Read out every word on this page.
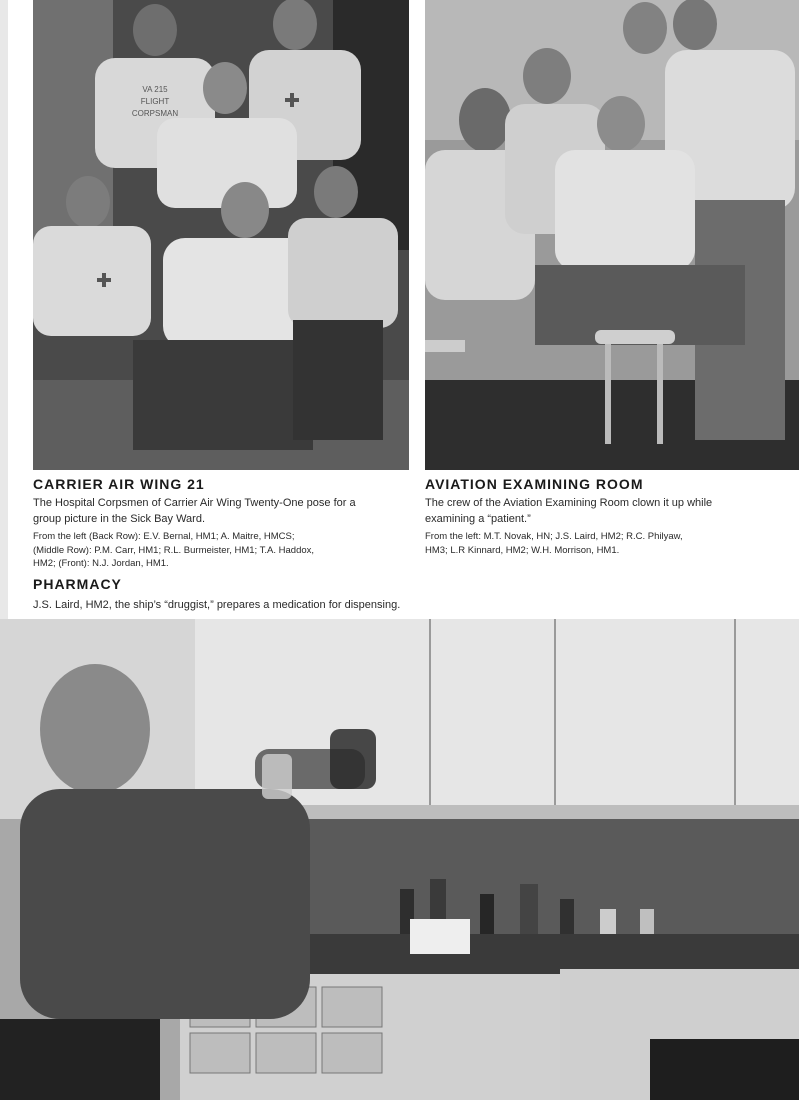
VA 215
FLIGHT
CORPSMAN
CARRIER AIR WING 21

The Hospital Corpsmen of Carrier Air Wing Twenty-One pose for a group picture in the Sick Bay Ward.

From the left (Back Row): E.V. Bernal, HM1; A. Maitre, HMCS;
(Middle Row): P.M. Carr, HM1; R.L. Burmeister, HM1; T.A. Haddox,
HM2; (Front): N.J. Jordan, HM1.
AVIATION EXAMINING ROOM

The crew of the Aviation Examining Room clown it up while examining a “patient.”

From the left: M.T. Novak, HN; J.S. Laird, HM2; R.C. Philyaw,
HM3; L.R Kinnard, HM2; W.H. Morrison, HM1.
PHARMACY

J.S. Laird, HM2, the ship’s “druggist,” prepares a medication for dispensing.
